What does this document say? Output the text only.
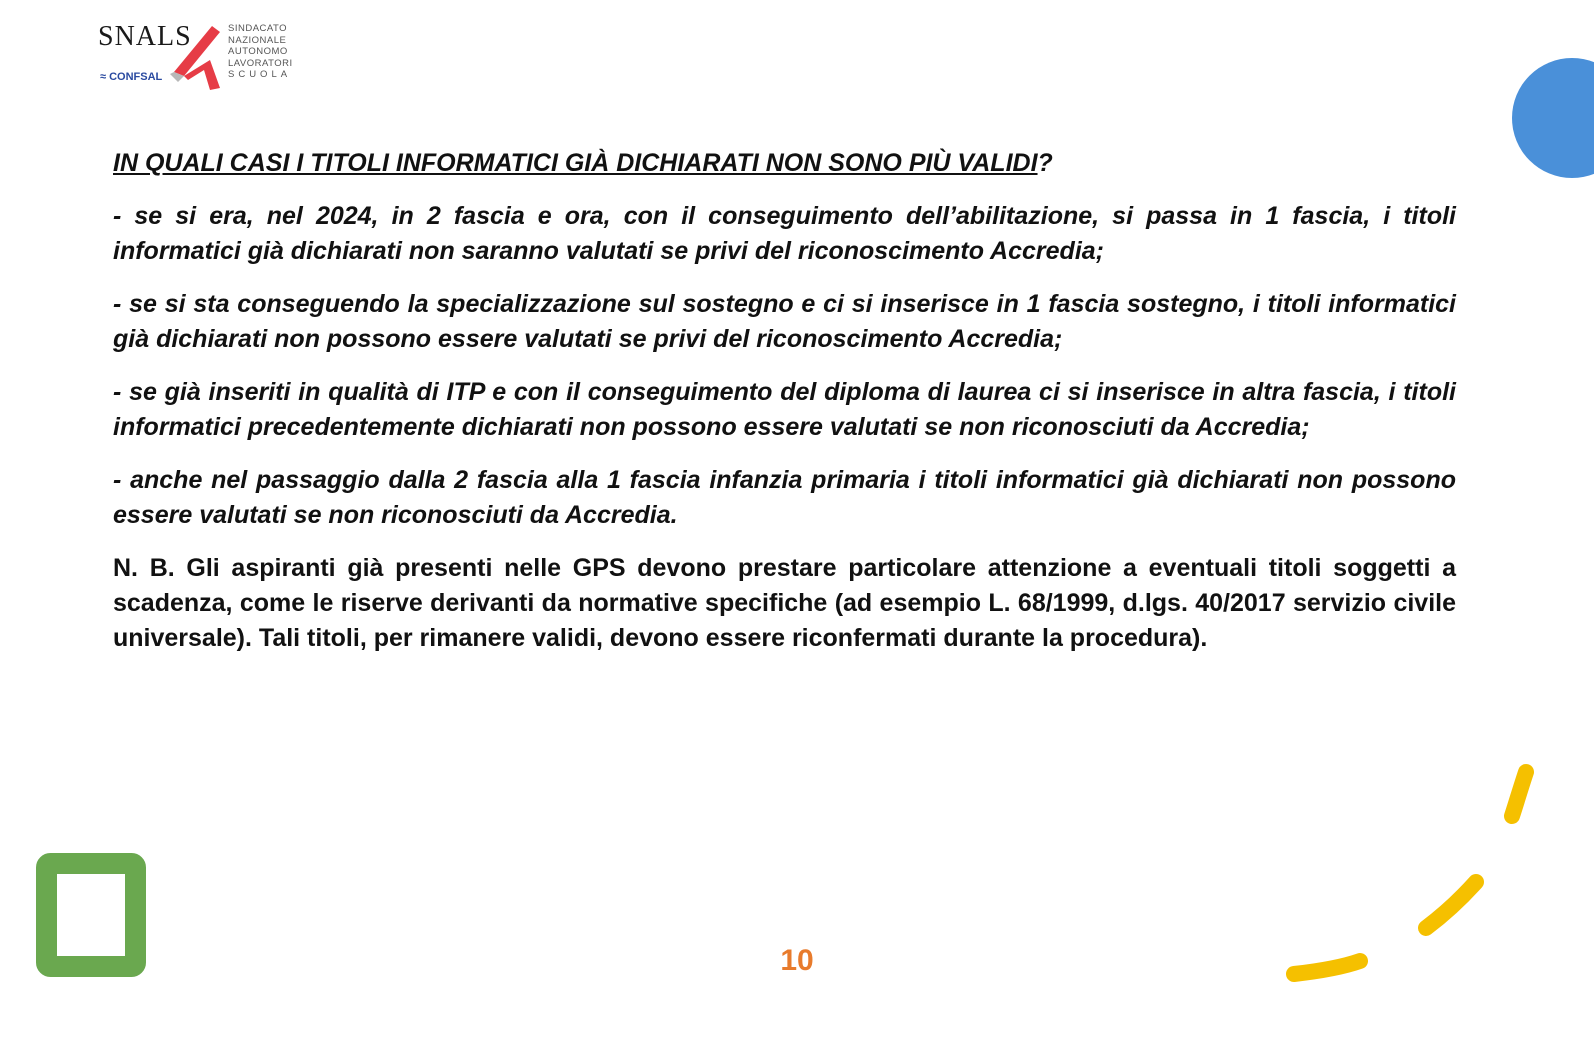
SNALS
≈ CONFSAL
SINDACATO
NAZIONALE
AUTONOMO
LAVORATORI
SCUOLA

IN QUALI CASI I TITOLI INFORMATICI GIÀ DICHIARATI NON SONO PIÙ VALIDI?

- se si era, nel 2024, in 2 fascia e ora, con il conseguimento dell’abilitazione, si passa in 1 fascia, i titoli informatici già dichiarati non saranno valutati se privi del riconoscimento Accredia;

- se si sta conseguendo la specializzazione sul sostegno e ci si inserisce in 1 fascia sostegno, i titoli informatici già dichiarati non possono essere valutati se privi del riconoscimento Accredia;

- se già inseriti in qualità di ITP e con il conseguimento del diploma di laurea ci si inserisce in altra fascia, i titoli informatici precedentemente dichiarati non possono essere valutati se non riconosciuti da Accredia;

- anche nel passaggio dalla 2 fascia alla 1 fascia infanzia primaria i titoli informatici già dichiarati non possono essere valutati se non riconosciuti da Accredia.

N. B. Gli aspiranti già presenti nelle GPS devono prestare particolare attenzione a eventuali titoli soggetti a scadenza, come le riserve derivanti da normative specifiche (ad esempio L. 68/1999, d.lgs. 40/2017 servizio civile universale). Tali titoli, per rimanere validi, devono essere riconfermati durante la procedura).

10
